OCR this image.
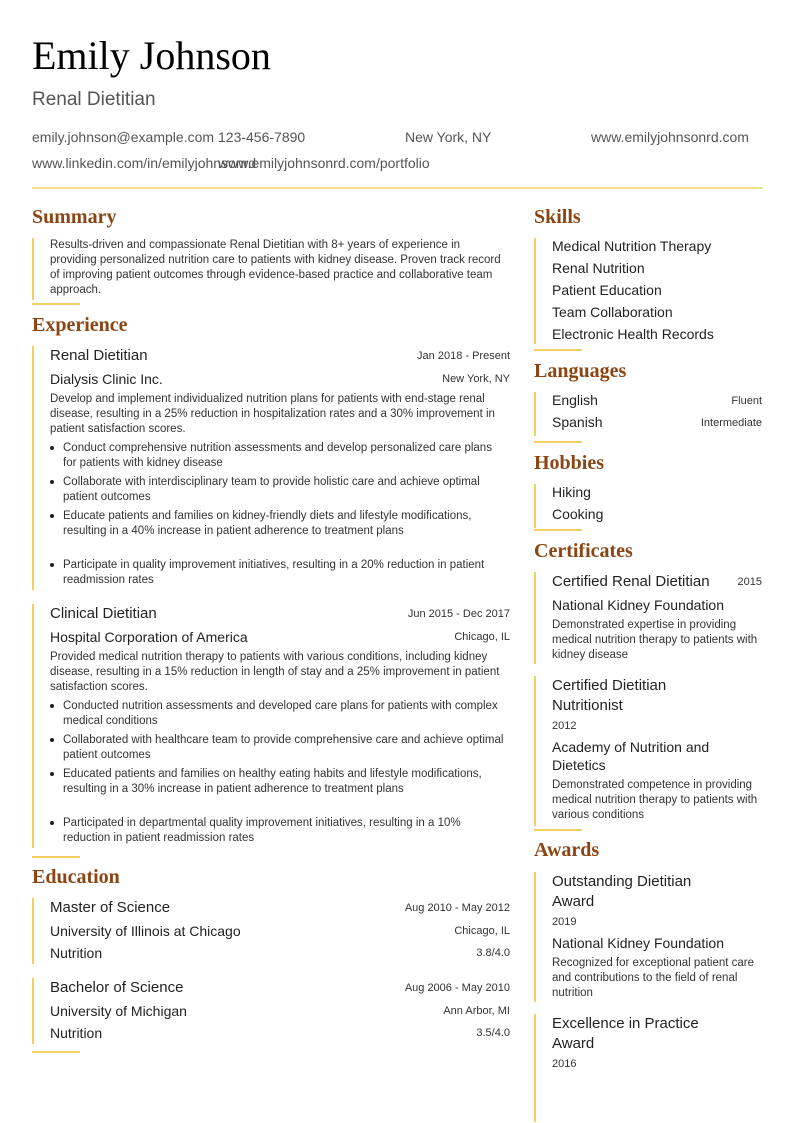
Emily Johnson
Renal Dietitian
emily.johnson@example.com 123-456-7890	New York, NY	www.emilyjohnsonrd.com
www.linkedin.com/in/emilyjohnsonrd
www.emilyjohnsonrd.com/portfolio
Summary
Results-driven and compassionate Renal Dietitian with 8+ years of experience in providing personalized nutrition care to patients with kidney disease. Proven track record of improving patient outcomes through evidence-based practice and collaborative team approach.
Experience
Renal Dietitian	Jan 2018 - Present
Dialysis Clinic Inc.	New York, NY
Develop and implement individualized nutrition plans for patients with end-stage renal disease, resulting in a 25% reduction in hospitalization rates and a 30% improvement in patient satisfaction scores.
Conduct comprehensive nutrition assessments and develop personalized care plans for patients with kidney disease
Collaborate with interdisciplinary team to provide holistic care and achieve optimal patient outcomes
Educate patients and families on kidney-friendly diets and lifestyle modifications, resulting in a 40% increase in patient adherence to treatment plans
Participate in quality improvement initiatives, resulting in a 20% reduction in patient readmission rates
Clinical Dietitian	Jun 2015 - Dec 2017
Hospital Corporation of America	Chicago, IL
Provided medical nutrition therapy to patients with various conditions, including kidney disease, resulting in a 15% reduction in length of stay and a 25% improvement in patient satisfaction scores.
Conducted nutrition assessments and developed care plans for patients with complex medical conditions
Collaborated with healthcare team to provide comprehensive care and achieve optimal patient outcomes
Educated patients and families on healthy eating habits and lifestyle modifications, resulting in a 30% increase in patient adherence to treatment plans
Participated in departmental quality improvement initiatives, resulting in a 10% reduction in patient readmission rates
Education
Master of Science	Aug 2010 - May 2012
University of Illinois at Chicago	Chicago, IL
Nutrition	3.8/4.0
Bachelor of Science	Aug 2006 - May 2010
University of Michigan	Ann Arbor, MI
Nutrition	3.5/4.0
Skills
Medical Nutrition Therapy
Renal Nutrition
Patient Education
Team Collaboration
Electronic Health Records
Languages
English	Fluent
Spanish	Intermediate
Hobbies
Hiking
Cooking
Certificates
Certified Renal Dietitian	2015
National Kidney Foundation
Demonstrated expertise in providing medical nutrition therapy to patients with kidney disease
Certified Dietitian
Nutritionist
2012
Academy of Nutrition and
Dietetics
Demonstrated competence in providing medical nutrition therapy to patients with various conditions
Awards
Outstanding Dietitian
Award
2019
National Kidney Foundation
Recognized for exceptional patient care and contributions to the field of renal nutrition
Excellence in Practice
Award
2016
